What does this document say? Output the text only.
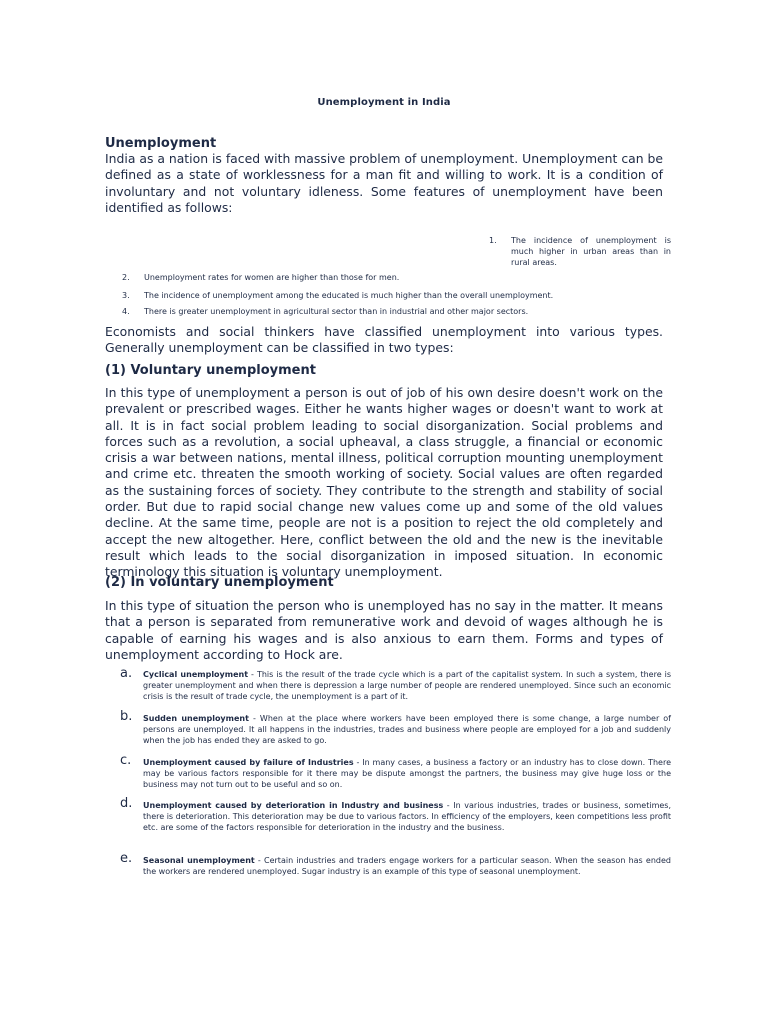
Unemployment in India
Unemployment
India as a nation is faced with massive problem of unemployment. Unemployment can be defined as a state of worklessness for a man fit and willing to work. It is a condition of involuntary and not voluntary idleness. Some features of unemployment have been identified as follows:
1. The incidence of unemployment is much higher in urban areas than in rural areas.
2. Unemployment rates for women are higher than those for men.
3. The incidence of unemployment among the educated is much higher than the overall unemployment.
4. There is greater unemployment in agricultural sector than in industrial and other major sectors.
Economists and social thinkers have classified unemployment into various types. Generally unemployment can be classified in two types:
(1) Voluntary unemployment
In this type of unemployment a person is out of job of his own desire doesn't work on the prevalent or prescribed wages. Either he wants higher wages or doesn't want to work at all. It is in fact social problem leading to social disorganization. Social problems and forces such as a revolution, a social upheaval, a class struggle, a financial or economic crisis a war between nations, mental illness, political corruption mounting unemployment and crime etc. threaten the smooth working of society. Social values are often regarded as the sustaining forces of society. They contribute to the strength and stability of social order. But due to rapid social change new values come up and some of the old values decline. At the same time, people are not is a position to reject the old completely and accept the new altogether. Here, conflict between the old and the new is the inevitable result which leads to the social disorganization in imposed situation. In economic terminology this situation is voluntary unemployment.
(2) In voluntary unemployment
In this type of situation the person who is unemployed has no say in the matter. It means that a person is separated from remunerative work and devoid of wages although he is capable of earning his wages and is also anxious to earn them. Forms and types of unemployment according to Hock are.
a. Cyclical unemployment - This is the result of the trade cycle which is a part of the capitalist system. In such a system, there is greater unemployment and when there is depression a large number of people are rendered unemployed. Since such an economic crisis is the result of trade cycle, the unemployment is a part of it.
b. Sudden unemployment - When at the place where workers have been employed there is some change, a large number of persons are unemployed. It all happens in the industries, trades and business where people are employed for a job and suddenly when the job has ended they are asked to go.
c. Unemployment caused by failure of Industries - In many cases, a business a factory or an industry has to close down. There may be various factors responsible for it there may be dispute amongst the partners, the business may give huge loss or the business may not turn out to be useful and so on.
d. Unemployment caused by deterioration in Industry and business - In various industries, trades or business, sometimes, there is deterioration. This deterioration may be due to various factors. In efficiency of the employers, keen competitions less profit etc. are some of the factors responsible for deterioration in the industry and the business.
e. Seasonal unemployment - Certain industries and traders engage workers for a particular season. When the season has ended the workers are rendered unemployed. Sugar industry is an example of this type of seasonal unemployment.
